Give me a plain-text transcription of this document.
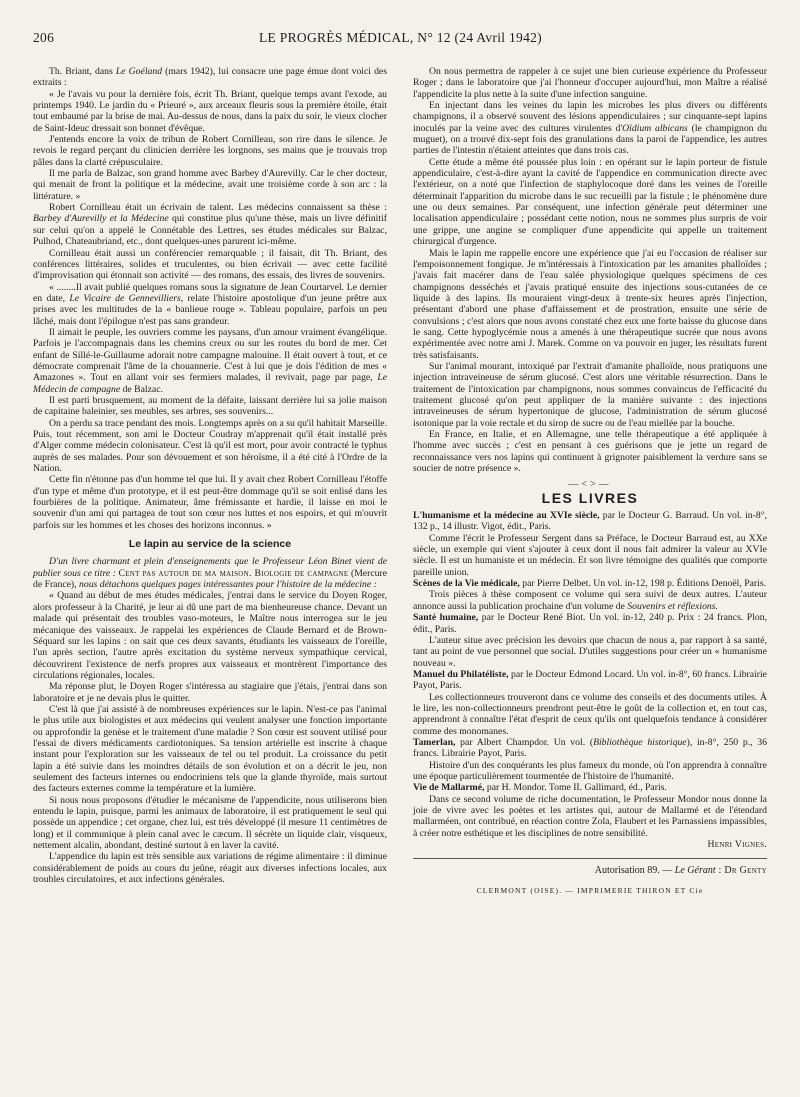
206	LE PROGRÈS MÉDICAL, N° 12 (24 Avril 1942)

Th. Briant, dans Le Goéland (mars 1942), lui consacre une page émue dont voici des extraits :

« Je l'avais vu pour la dernière fois, écrit Th. Briant, quelque temps avant l'exode, au printemps 1940. Le jardin du « Prieuré », aux arceaux fleuris sous la première étoile, était tout embaumé par la brise de mai. Au-dessus de nous, dans la paix du soir, le vieux clocher de Saint-Ideuc dressait son bonnet d'évêque.

J'entends encore la voix de tribun de Robert Cornilleau, son rire dans le silence. Je revois le regard perçant du clinicien derrière les lorgnons, ses mains que je trouvais trop pâles dans la clarté crépusculaire.

Il me parla de Balzac, son grand homme avec Barbey d'Aurevilly. Car le cher docteur, qui menait de front la politique et la médecine, avait une troisième corde à son arc : la littérature. »

Robert Cornilleau était un écrivain de talent. Les médecins connaissent sa thèse : Barbey d'Aurevilly et la Médecine qui constitue plus qu'une thèse, mais un livre définitif sur celui qu'on a appelé le Connétable des Lettres, ses études médicales sur Balzac, Pulhod, Chateaubriand, etc., dont quelques-unes parurent ici-même.

Cornilleau était aussi un conférencier remarquable ; il faisait, dit Th. Briant, des conférences littéraires, solides et truculentes, ou bien écrivait — avec cette facilité d'improvisation qui étonnait son activité — des romans, des essais, des livres de souvenirs.

« ........Il avait publié quelques romans sous la signature de Jean Courtarvel. Le dernier en date, Le Vicaire de Gennevilliers, relate l'histoire apostolique d'un jeune prêtre aux prises avec les multitudes de la « banlieue rouge ». Tableau populaire, parfois un peu lâché, mais dont l'épilogue n'est pas sans grandeur.

Il aimait le peuple, les ouvriers comme les paysans, d'un amour vraiment évangélique. Parfois je l'accompagnais dans les chemins creux ou sur les routes du bord de mer. Cet enfant de Sillé-le-Guillaume adorait notre campagne malouine. Il était ouvert à tout, et ce démocrate comprenait l'âme de la chouannerie. C'est à lui que je dois l'édition de mes « Amazones ». Tout en allant voir ses fermiers malades, il revivait, page par page, Le Médecin de campagne de Balzac.

Il est parti brusquement, au moment de la défaite, laissant derrière lui sa jolie maison de capitaine baleinier, ses meubles, ses arbres, ses souvenirs...

On a perdu sa trace pendant des mois. Longtemps après on a su qu'il habitait Marseille. Puis, tout récemment, son ami le Docteur Coudray m'apprenait qu'il était installé près d'Alger comme médecin colonisateur. C'est là qu'il est mort, pour avoir contracté le typhus auprès de ses malades. Pour son dévouement et son héroïsme, il a été cité à l'Ordre de la Nation.

Cette fin n'étonne pas d'un homme tel que lui. Il y avait chez Robert Cornilleau l'étoffe d'un type et même d'un prototype, et il est peut-être dommage qu'il se soit enlisé dans les fourbières de la politique. Animateur, âme frémissante et hardie, il laisse en moi le souvenir d'un ami qui partagea de tout son cœur nos luttes et nos espoirs, et qui m'ouvrit parfois sur les hommes et les choses des horizons inconnus. »

Le lapin au service de la science

D'un livre charmant et plein d'enseignements que le Professeur Léon Binet vient de publier sous ce titre : Cent pas autour de ma maison. Biologie de campagne (Mercure de France), nous détachons quelques pages intéressantes pour l'histoire de la médecine :

« Quand au début de mes études médicales, j'entrai dans le service du Doyen Roger, alors professeur à la Charité, je leur ai dû une part de ma bienheureuse chance. Devant un malade qui présentait des troubles vaso-moteurs, le Maître nous interrogea sur le jeu mécanique des vaisseaux. Je rappelai les expériences de Claude Bernard et de Brown-Séquard sur les lapins : on sait que ces deux savants, étudiants les vaisseaux de l'oreille, l'un après section, l'autre après excitation du système nerveux sympathique cervical, découvrirent l'existence de nerfs propres aux vaisseaux et montrèrent l'importance des circulations régionales, locales.

Ma réponse plut, le Doyen Roger s'intéressa au stagiaire que j'étais, j'entrai dans son laboratoire et je ne devais plus le quitter.

C'est là que j'ai assisté à de nombreuses expériences sur le lapin. N'est-ce pas l'animal le plus utile aux biologistes et aux médecins qui veulent analyser une fonction importante ou approfondir la genèse et le traitement d'une maladie ? Son cœur est souvent utilisé pour l'essai de divers médicaments cardiotoniques. Sa tension artérielle est inscrite à chaque instant pour l'exploration sur les vaisseaux de tel ou tel produit. La croissance du petit lapin a été suivie dans les moindres détails de son évolution et on a décrit le jeu, non seulement des facteurs internes ou endocriniens tels que la glande thyroïde, mais surtout des facteurs externes comme la température et la lumière.

Si nous nous proposons d'étudier le mécanisme de l'appendicite, nous utiliserons bien entendu le lapin, puisque, parmi les animaux de laboratoire, il est pratiquement le seul qui possède un appendice ; cet organe, chez lui, est très développé (il mesure 11 centimètres de long) et il communique à plein canal avec le cæcum. Il sécrète un liquide clair, visqueux, nettement alcalin, abondant, destiné surtout à en laver la cavité.

L'appendice du lapin est très sensible aux variations de régime alimentaire : il diminue considérablement de poids au cours du jeûne, réagit aux diverses infections locales, aux troubles circulatoires, et aux infections générales.

On nous permettra de rappeler à ce sujet une bien curieuse expérience du Professeur Roger ; dans le laboratoire que j'ai l'honneur d'occuper aujourd'hui, mon Maître a réalisé l'appendicite la plus nette à la suite d'une infection sanguine.

En injectant dans les veines du lapin les microbes les plus divers ou différents champignons, il a observé souvent des lésions appendiculaires ; sur cinquante-sept lapins inoculés par la veine avec des cultures virulentes d'Oïdium albicans (le champignon du muguet), on a trouvé dix-sept fois des granulations dans la paroi de l'appendice, les autres parties de l'intestin n'étaient atteintes que dans trois cas.

Cette étude a même été poussée plus loin : en opérant sur le lapin porteur de fistule appendiculaire, c'est-à-dire ayant la cavité de l'appendice en communication directe avec l'extérieur, on a noté que l'infection de staphylocoque doré dans les veines de l'oreille déterminait l'apparition du microbe dans le suc recueilli par la fistule ; le phénomène dure une ou deux semaines. Par conséquent, une infection générale peut déterminer une localisation appendiculaire ; possédant cette notion, nous ne sommes plus surpris de voir une grippe, une angine se compliquer d'une appendicite qui appelle un traitement chirurgical d'urgence.

Mais le lapin me rappelle encore une expérience que j'ai eu l'occasion de réaliser sur l'empoisonnement fongique. Je m'intéressais à l'intoxication par les amanites phalloïdes ; j'avais fait macérer dans de l'eau salée physiologique quelques spécimens de ces champignons desséchés et j'avais pratiqué ensuite des injections sous-cutanées de ce liquide à des lapins. Ils mouraient vingt-deux à trente-six heures après l'injection, présentant d'abord une phase d'affaissement et de prostration, ensuite une série de convulsions ; c'est alors que nous avons constaté chez eux une forte baisse du glucose dans le sang. Cette hypoglycémie nous a amenés à une thérapeutique sucrée que nous avons expérimentée avec notre ami J. Marek. Comme on va pouvoir en juger, les résultats furent très satisfaisants.

Sur l'animal mourant, intoxiqué par l'extrait d'amanite phalloïde, nous pratiquons une injection intraveineuse de sérum glucosé. C'est alors une véritable résurrection. Dans le traitement de l'intoxication par champignons, nous sommes convaincus de l'efficacité du traitement glucosé qu'on peut appliquer de la manière suivante : des injections intraveineuses de sérum hypertonique de glucose, l'administration de sérum glucosé isotonique par la voie rectale et du sirop de sucre ou de l'eau miellée par la bouche.

En France, en Italie, et en Allemagne, une telle thérapeutique a été appliquée à l'homme avec succès ; c'est en pensant à ces guérisons que je jette un regard de reconnaissance vers nos lapins qui continuent à grignoter paisiblement la verdure sans se soucier de notre présence ».

—<>—
LES LIVRES

L'humanisme et la médecine au XVIe siècle, par le Docteur G. Barraud. Un vol. in-8°, 132 p., 14 illustr. Vigot, édit., Paris.

Comme l'écrit le Professeur Sergent dans sa Préface, le Docteur Barraud est, au XXe siècle, un exemple qui vient s'ajouter à ceux dont il nous fait admirer la valeur au XVIe siècle. Il est un humaniste et un médecin. Et son livre témoigne des qualités que comporte pareille union.

Scènes de la Vie médicale, par Pierre Delbet. Un vol. in-12, 198 p. Éditions Denoël, Paris.

Trois pièces à thèse composent ce volume qui sera suivi de deux autres. L'auteur annonce aussi la publication prochaine d'un volume de Souvenirs et réflexions.

Santé humaine, par le Docteur René Biot. Un vol. in-12, 240 p. Prix : 24 francs. Plon, édit., Paris.

L'auteur situe avec précision les devoirs que chacun de nous a, par rapport à sa santé, tant au point de vue personnel que social. D'utiles suggestions pour créer un « humanisme nouveau ».

Manuel du Philatéliste, par le Docteur Edmond Locard. Un vol. in-8°, 60 francs. Librairie Payot, Paris.

Les collectionneurs trouveront dans ce volume des conseils et des documents utiles. À le lire, les non-collectionneurs prendront peut-être le goût de la collection et, en tout cas, apprendront à connaître l'état d'esprit de ceux qu'ils ont quelquefois tendance à considérer comme des monomanes.

Tamerlan, par Albert Champdor. Un vol. (Bibliothèque historique), in-8°, 250 p., 36 francs. Librairie Payot, Paris.

Histoire d'un des conquérants les plus fameux du monde, où l'on apprendra à connaître une époque particulièrement tourmentée de l'histoire de l'humanité.

Vie de Mallarmé, par H. Mondor. Tome II. Gallimard, éd., Paris.

Dans ce second volume de riche documentation, le Professeur Mondor nous donne la joie de vivre avec les poètes et les artistes qui, autour de Mallarmé et de l'étendard mallarméen, ont contribué, en réaction contre Zola, Flaubert et les Parnassiens impassibles, à créer notre esthétique et les disciplines de notre sensibilité.

Henri Vignes.

Autorisation 89. — Le Gérant : Dr Genty
CLERMONT (OISE). — IMPRIMERIE THIRON ET Cie
